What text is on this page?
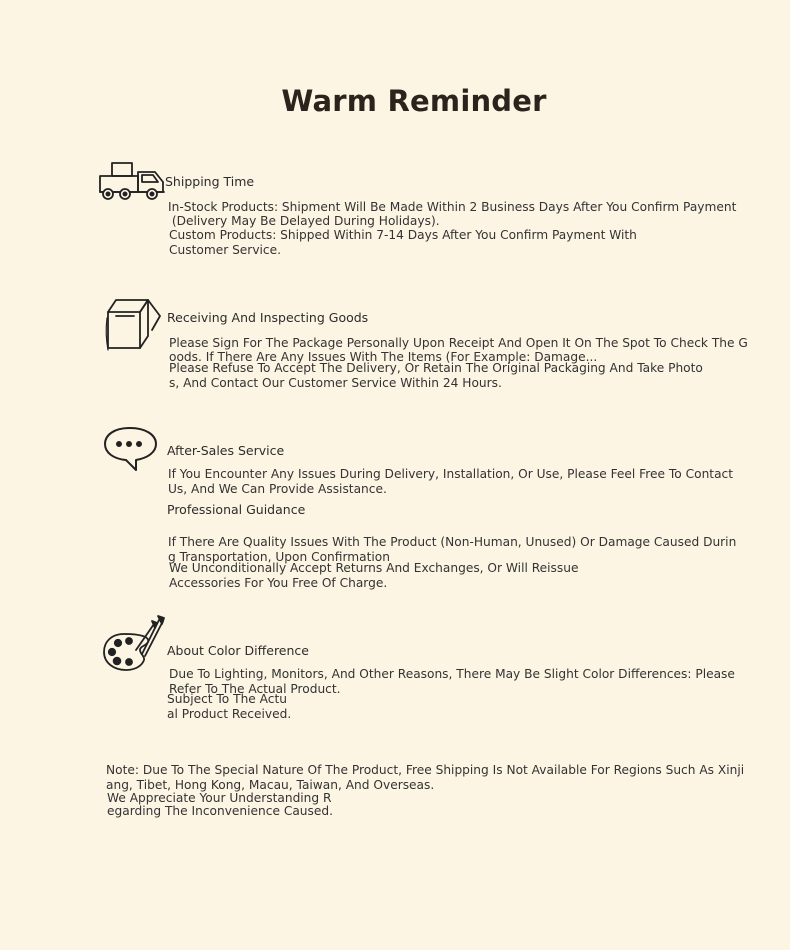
Warm Reminder
Shipping Time
In-Stock Products: Shipment Will Be Made Within 2 Business Days After You Confirm Payment
(Delivery May Be Delayed During Holidays).
Custom Products: Shipped Within 7-14 Days After You Confirm Payment With
Customer Service.
Receiving And Inspecting Goods
Please Sign For The Package Personally Upon Receipt And Open It On The Spot To Check The G
oods. If There Are Any Issues With The Items (For Example: Damage...
Please Refuse To Accept The Delivery, Or Retain The Original Packaging And Take Photo
s, And Contact Our Customer Service Within 24 Hours.
After-Sales Service
If You Encounter Any Issues During Delivery, Installation, Or Use, Please Feel Free To Contact
Us, And We Can Provide Assistance.
Professional Guidance
If There Are Quality Issues With The Product (Non-Human, Unused) Or Damage Caused Durin
g Transportation, Upon Confirmation
We Unconditionally Accept Returns And Exchanges, Or Will Reissue
Accessories For You Free Of Charge.
About Color Difference
Due To Lighting, Monitors, And Other Reasons, There May Be Slight Color Differences: Please
Refer To The Actual Product.
Subject To The Actu
al Product Received.
Note: Due To The Special Nature Of The Product, Free Shipping Is Not Available For Regions Such As Xinji
ang, Tibet, Hong Kong, Macau, Taiwan, And Overseas.
We Appreciate Your Understanding R
egarding The Inconvenience Caused.
